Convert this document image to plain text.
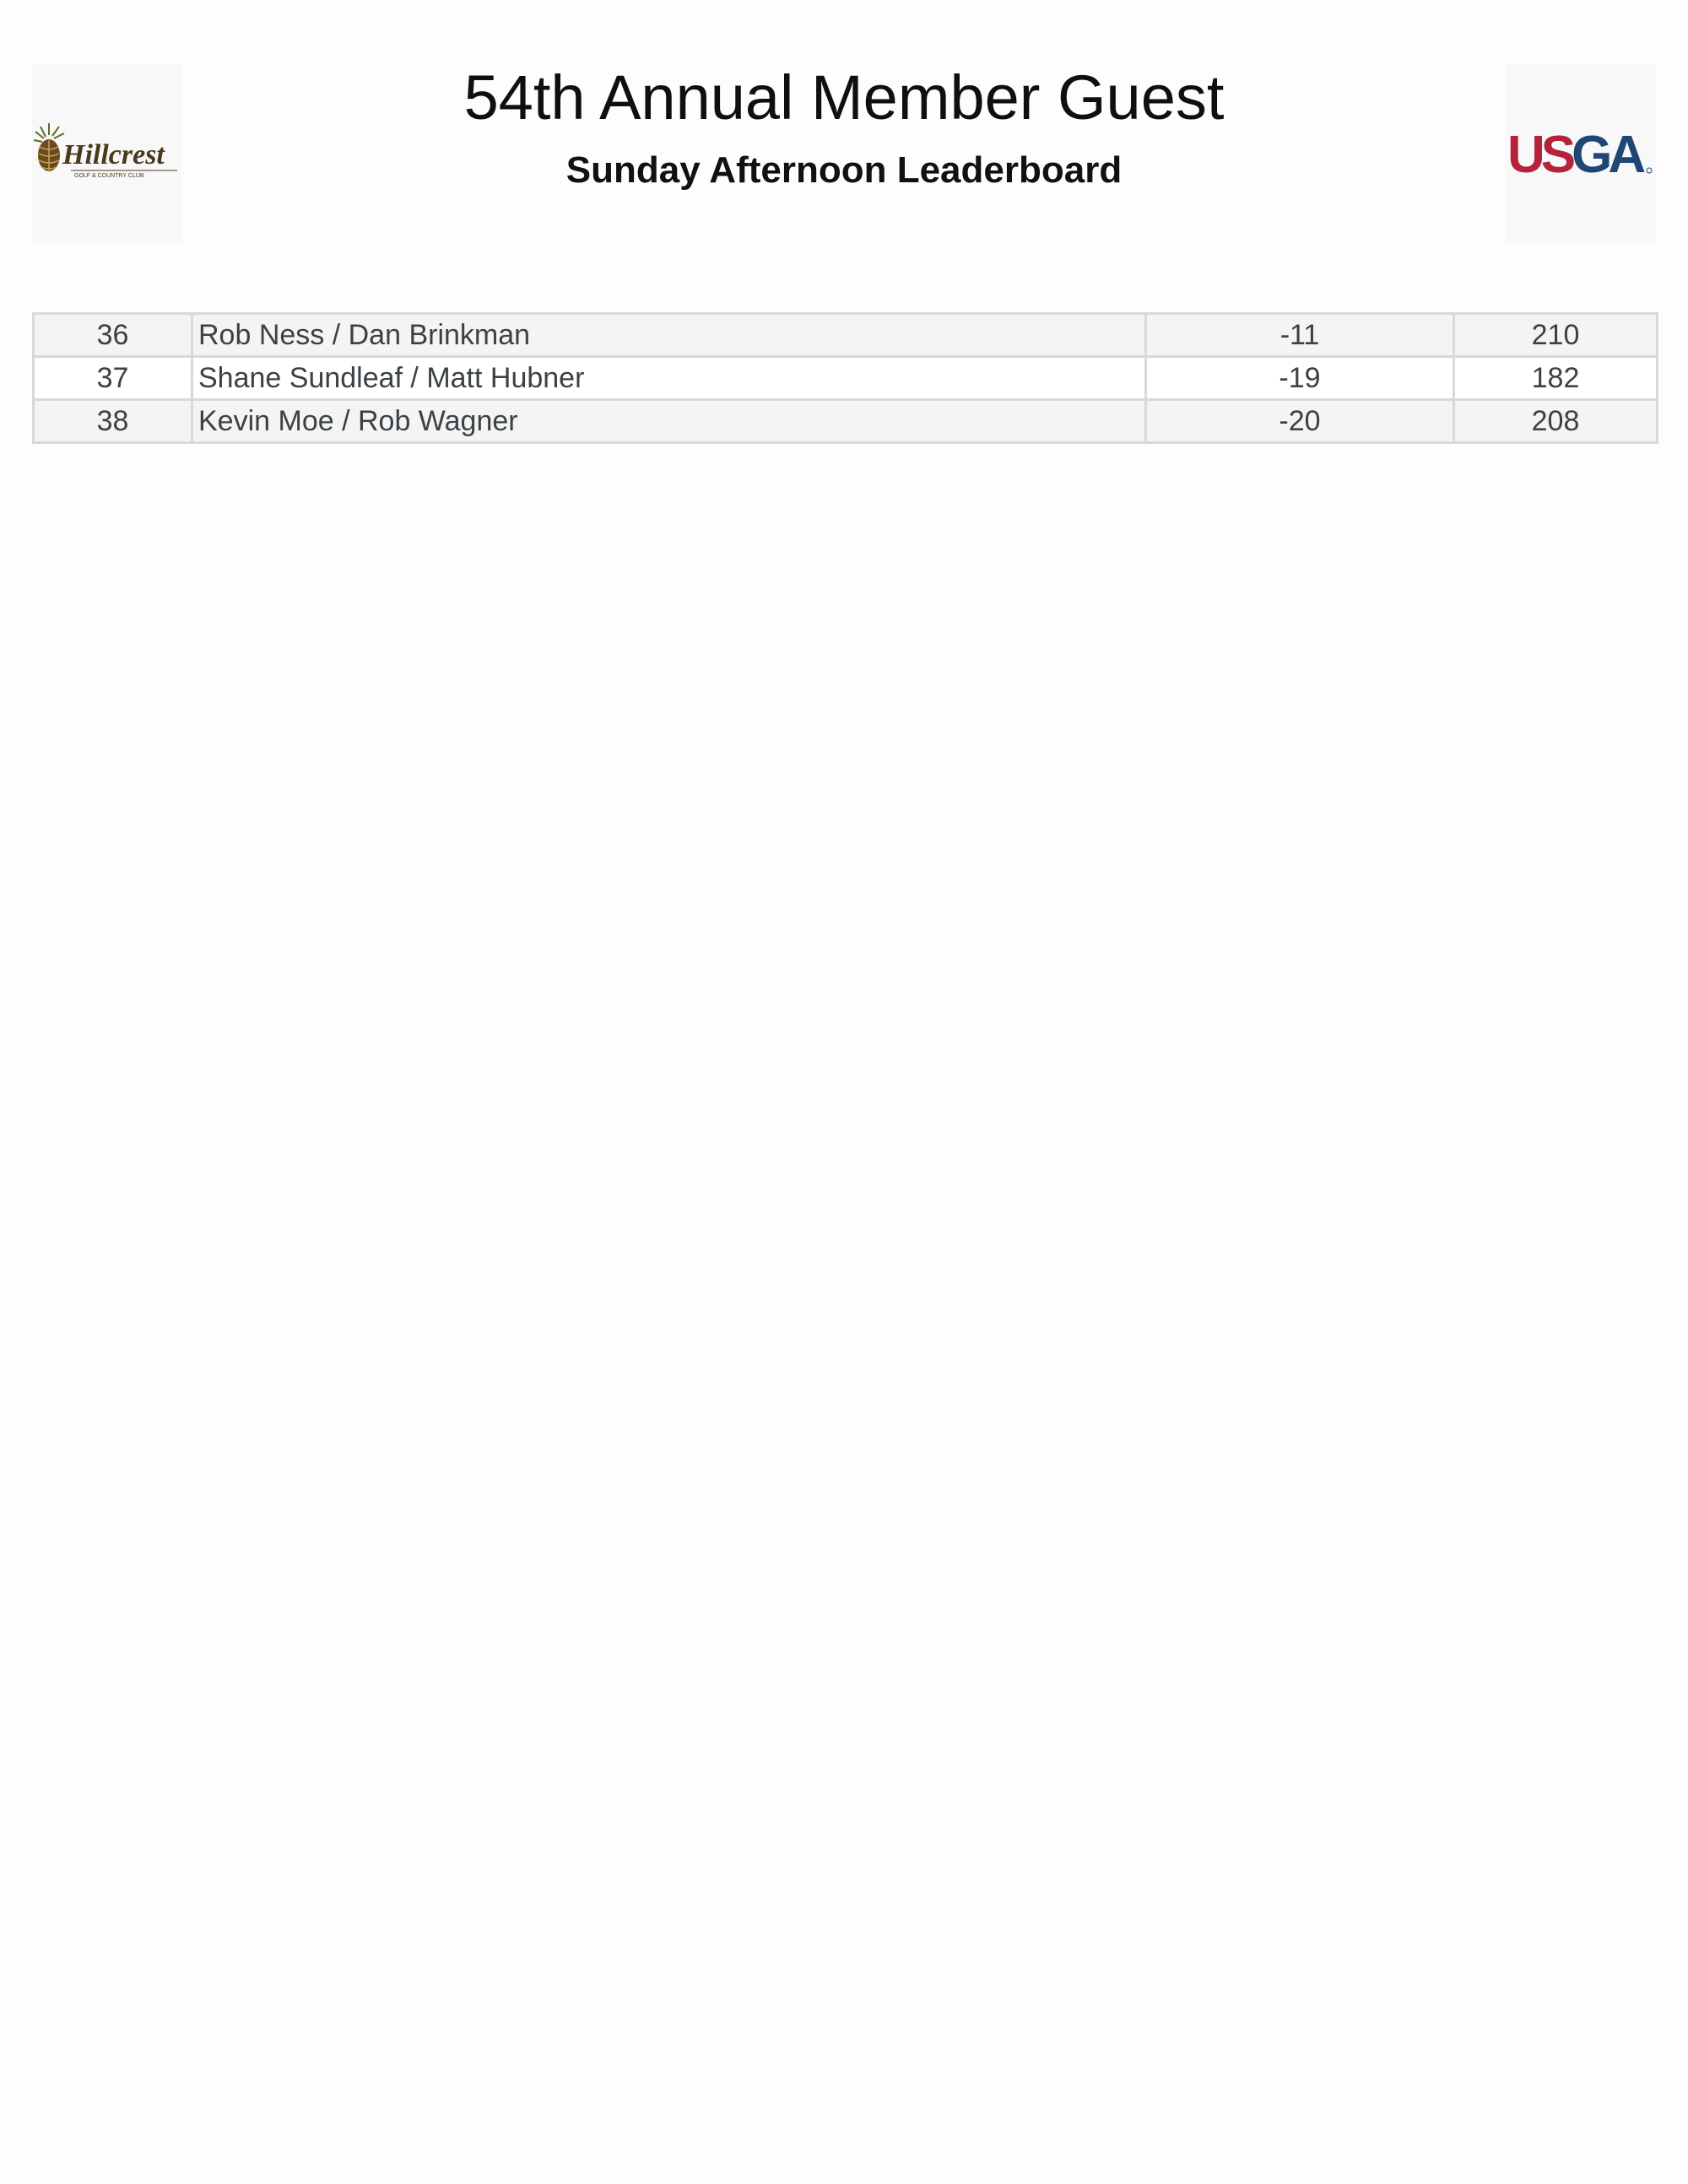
Hillcrest
GOLF & COUNTRY CLUB
54th Annual Member Guest
Sunday Afternoon Leaderboard	USGA
36	Rob Ness / Dan Brinkman	-11	210
37	Shane Sundleaf / Matt Hubner	-19	182
38	Kevin Moe / Rob Wagner	-20	208
